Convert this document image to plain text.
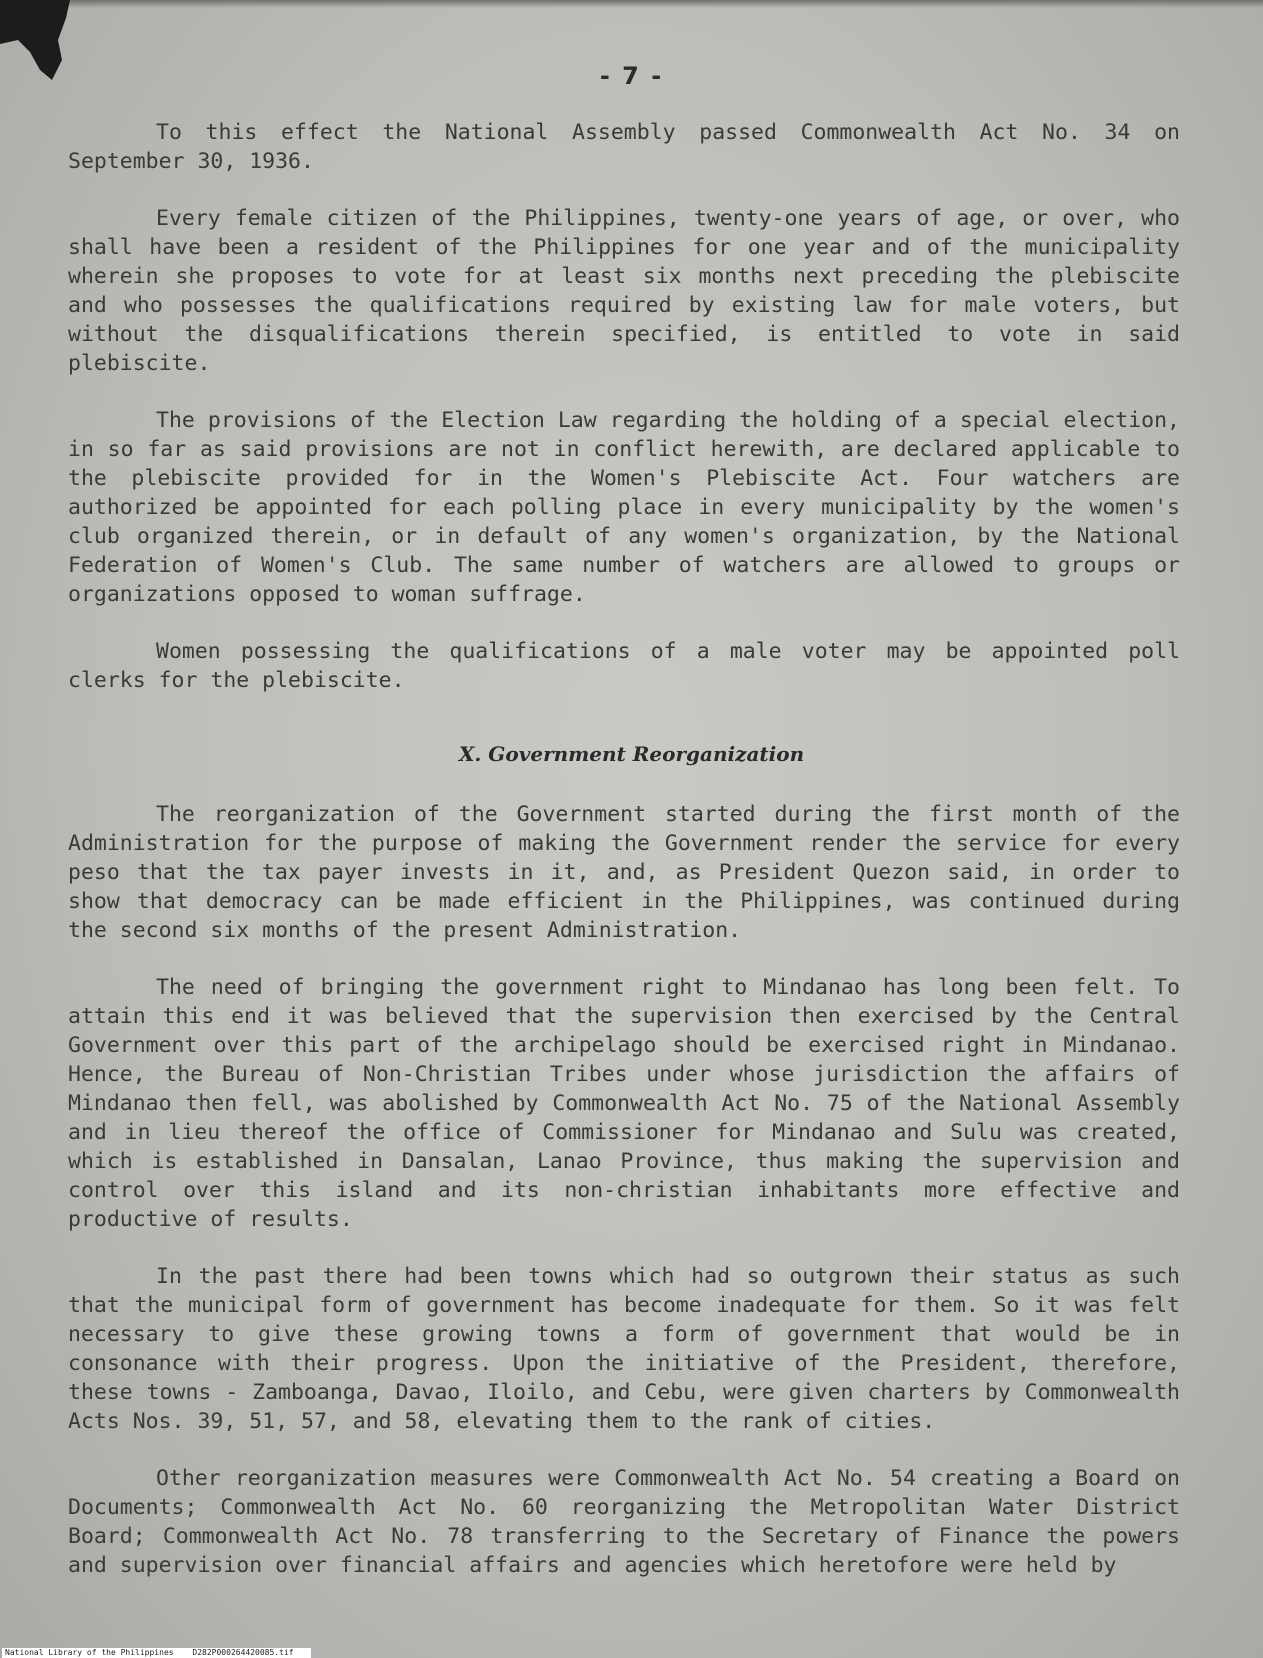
- 7 -

To this effect the National Assembly passed Commonwealth Act No. 34 on September 30, 1936.

Every female citizen of the Philippines, twenty-one years of age, or over, who shall have been a resident of the Philippines for one year and of the municipality wherein she proposes to vote for at least six months next preceding the plebiscite and who possesses the qualifications required by existing law for male voters, but without the disqualifications therein specified, is entitled to vote in said plebiscite.

The provisions of the Election Law regarding the holding of a special election, in so far as said provisions are not in conflict herewith, are declared applicable to the plebiscite provided for in the Women's Plebiscite Act. Four watchers are authorized be appointed for each polling place in every municipality by the women's club organized therein, or in default of any women's organization, by the National Federation of Women's Club. The same number of watchers are allowed to groups or organizations opposed to woman suffrage.

Women possessing the qualifications of a male voter may be appointed poll clerks for the plebiscite.

X. Government Reorganization

The reorganization of the Government started during the first month of the Administration for the purpose of making the Government render the service for every peso that the tax payer invests in it, and, as President Quezon said, in order to show that democracy can be made efficient in the Philippines, was continued during the second six months of the present Administration.

The need of bringing the government right to Mindanao has long been felt. To attain this end it was believed that the supervision then exercised by the Central Government over this part of the archipelago should be exercised right in Mindanao. Hence, the Bureau of Non-Christian Tribes under whose jurisdiction the affairs of Mindanao then fell, was abolished by Commonwealth Act No. 75 of the National Assembly and in lieu thereof the office of Commissioner for Mindanao and Sulu was created, which is established in Dansalan, Lanao Province, thus making the supervision and control over this island and its non-christian inhabitants more effective and productive of results.

In the past there had been towns which had so outgrown their status as such that the municipal form of government has become inadequate for them. So it was felt necessary to give these growing towns a form of government that would be in consonance with their progress. Upon the initiative of the President, therefore, these towns - Zamboanga, Davao, Iloilo, and Cebu, were given charters by Commonwealth Acts Nos. 39, 51, 57, and 58, elevating them to the rank of cities.

Other reorganization measures were Commonwealth Act No. 54 creating a Board on Documents; Commonwealth Act No. 60 reorganizing the Metropolitan Water District Board; Commonwealth Act No. 78 transferring to the Secretary of Finance the powers and supervision over financial affairs and agencies which heretofore were held by

National Library of the Philippines D282P000264420085.tif
